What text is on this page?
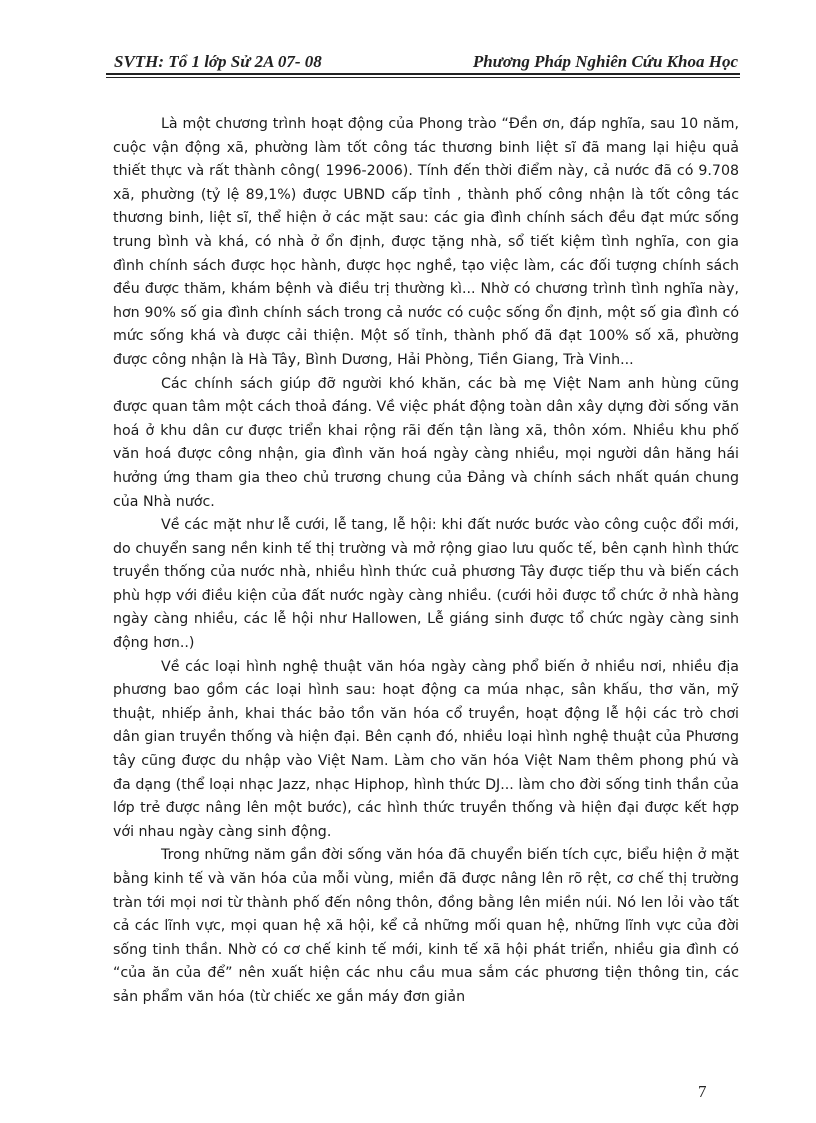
SVTH: Tổ 1 lớp Sử 2A 07- 08	Phương Pháp Nghiên Cứu Khoa Học

Là một chương trình hoạt động của Phong trào “Đền ơn, đáp nghĩa, sau 10 năm, cuộc vận động xã, phường làm tốt công tác thương binh liệt sĩ đã mang lại hiệu quả thiết thực và rất thành công( 1996-2006). Tính đến thời điểm này, cả nước đã có 9.708 xã, phường (tỷ lệ 89,1%) được UBND cấp tỉnh , thành phố công nhận là tốt công tác thương binh, liệt sĩ, thể hiện ở các mặt sau: các gia đình chính sách đều đạt mức sống trung bình và khá, có nhà ở ổn định, được tặng nhà, sổ tiết kiệm tình nghĩa, con gia đình chính sách được học hành, được học nghề, tạo việc làm, các đối tượng chính sách đều được thăm, khám bệnh và điều trị thường kì... Nhờ có chương trình tình nghĩa này, hơn 90% số gia đình chính sách trong cả nước có cuộc sống ổn định, một số gia đình có mức sống khá và được cải thiện. Một số tỉnh, thành phố đã đạt 100% số xã, phường được công nhận là Hà Tây, Bình Dương, Hải Phòng, Tiền Giang, Trà Vinh...

Các chính sách giúp đỡ người khó khăn, các bà mẹ Việt Nam anh hùng cũng được quan tâm một cách thoả đáng. Về việc phát động toàn dân xây dựng đời sống văn hoá ở khu dân cư được triển khai rộng rãi đến tận làng xã, thôn xóm. Nhiều khu phố văn hoá được công nhận, gia đình văn hoá ngày càng nhiều, mọi người dân hăng hái hưởng ứng tham gia theo chủ trương chung của Đảng và chính sách nhất quán chung của Nhà nước.

Về các mặt như lễ cưới, lễ tang, lễ hội: khi đất nước bước vào công cuộc đổi mới, do chuyển sang nền kinh tế thị trường và mở rộng giao lưu quốc tế, bên cạnh hình thức truyền thống của nước nhà, nhiều hình thức cuả phương Tây được tiếp thu và biến cách phù hợp với điều kiện của đất nước ngày càng nhiều. (cưới hỏi được tổ chức ở nhà hàng ngày càng nhiều, các lễ hội như Hallowen, Lễ giáng sinh được tổ chức ngày càng sinh động hơn..)

Về các loại hình nghệ thuật văn hóa ngày càng phổ biến ở nhiều nơi, nhiều địa phương bao gồm các loại hình sau: hoạt động ca múa nhạc, sân khấu, thơ văn, mỹ thuật, nhiếp ảnh, khai thác bảo tồn văn hóa cổ truyền, hoạt động lễ hội các trò chơi dân gian truyền thống và hiện đại. Bên cạnh đó, nhiều loại hình nghệ thuật của Phương tây cũng được du nhập vào Việt Nam. Làm cho văn hóa Việt Nam thêm phong phú và đa dạng (thể loại nhạc Jazz, nhạc Hiphop, hình thức DJ... làm cho đời sống tinh thần của lớp trẻ được nâng lên một bước), các hình thức truyền thống và hiện đại được kết hợp với nhau ngày càng sinh động.

Trong những năm gần đời sống văn hóa đã chuyển biến tích cực, biểu hiện ở mặt bằng kinh tế và văn hóa của mỗi vùng, miền đã được nâng lên rõ rệt, cơ chế thị trường tràn tới mọi nơi từ thành phố đến nông thôn, đồng bằng lên miền núi. Nó len lỏi vào tất cả các lĩnh vực, mọi quan hệ xã hội, kể cả những mối quan hệ, những lĩnh vực của đời sống tinh thần. Nhờ có cơ chế kinh tế mới, kinh tế xã hội phát triển, nhiều gia đình có “của ăn của để” nên xuất hiện các nhu cầu mua sắm các phương tiện thông tin, các sản phẩm văn hóa (từ chiếc xe gắn máy đơn giản

7
